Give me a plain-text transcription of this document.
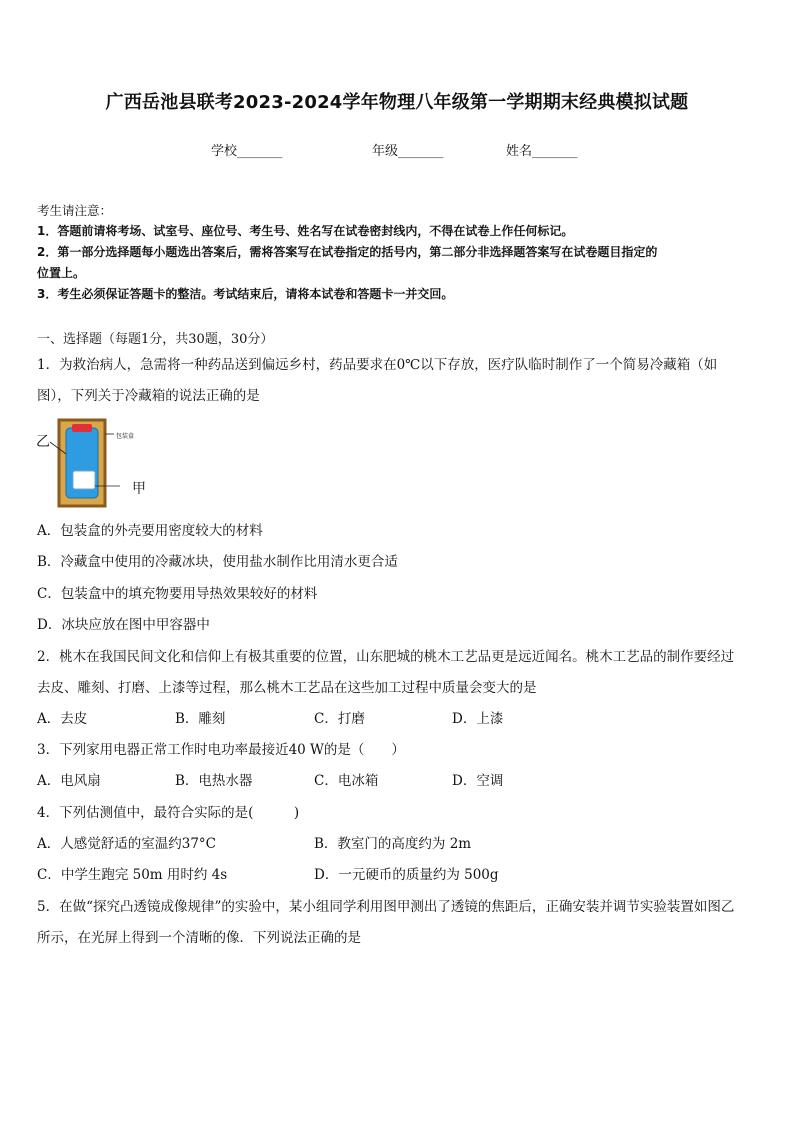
广西岳池县联考2023-2024学年物理八年级第一学期期末经典模拟试题
学校_______	年级_______	姓名_______
考生请注意：
1．答题前请将考场、试室号、座位号、考生号、姓名写在试卷密封线内，不得在试卷上作任何标记。
2．第一部分选择题每小题选出答案后，需将答案写在试卷指定的括号内，第二部分非选择题答案写在试卷题目指定的
位置上。
3．考生必须保证答题卡的整洁。考试结束后，请将本试卷和答题卡一并交回。
一、选择题（每题1分，共30题，30分）
1．为救治病人，急需将一种药品送到偏远乡村，药品要求在0℃以下存放，医疗队临时制作了一个简易冷藏箱（如
图），下列关于冷藏箱的说法正确的是
乙
甲
包装盒
A．包装盒的外壳要用密度较大的材料
B．冷藏盒中使用的冷藏冰块，使用盐水制作比用清水更合适
C．包装盒中的填充物要用导热效果较好的材料
D．冰块应放在图中甲容器中
2．桃木在我国民间文化和信仰上有极其重要的位置，山东肥城的桃木工艺品更是远近闻名。桃木工艺品的制作要经过
去皮、雕刻、打磨、上漆等过程，那么桃木工艺品在这些加工过程中质量会变大的是
A．去皮	B．雕刻	C．打磨	D．上漆
3．下列家用电器正常工作时电功率最接近40 W的是（　　）
A．电风扇	B．电热水器	C．电冰箱	D．空调
4．下列估测值中，最符合实际的是(　　　)
A．人感觉舒适的室温约37°C	B．教室门的高度约为 2m
C．中学生跑完 50m 用时约 4s	D．一元硬币的质量约为 500g
5．在做“探究凸透镜成像规律”的实验中，某小组同学利用图甲测出了透镜的焦距后，正确安装并调节实验装置如图乙
所示，在光屏上得到一个清晰的像．下列说法正确的是
